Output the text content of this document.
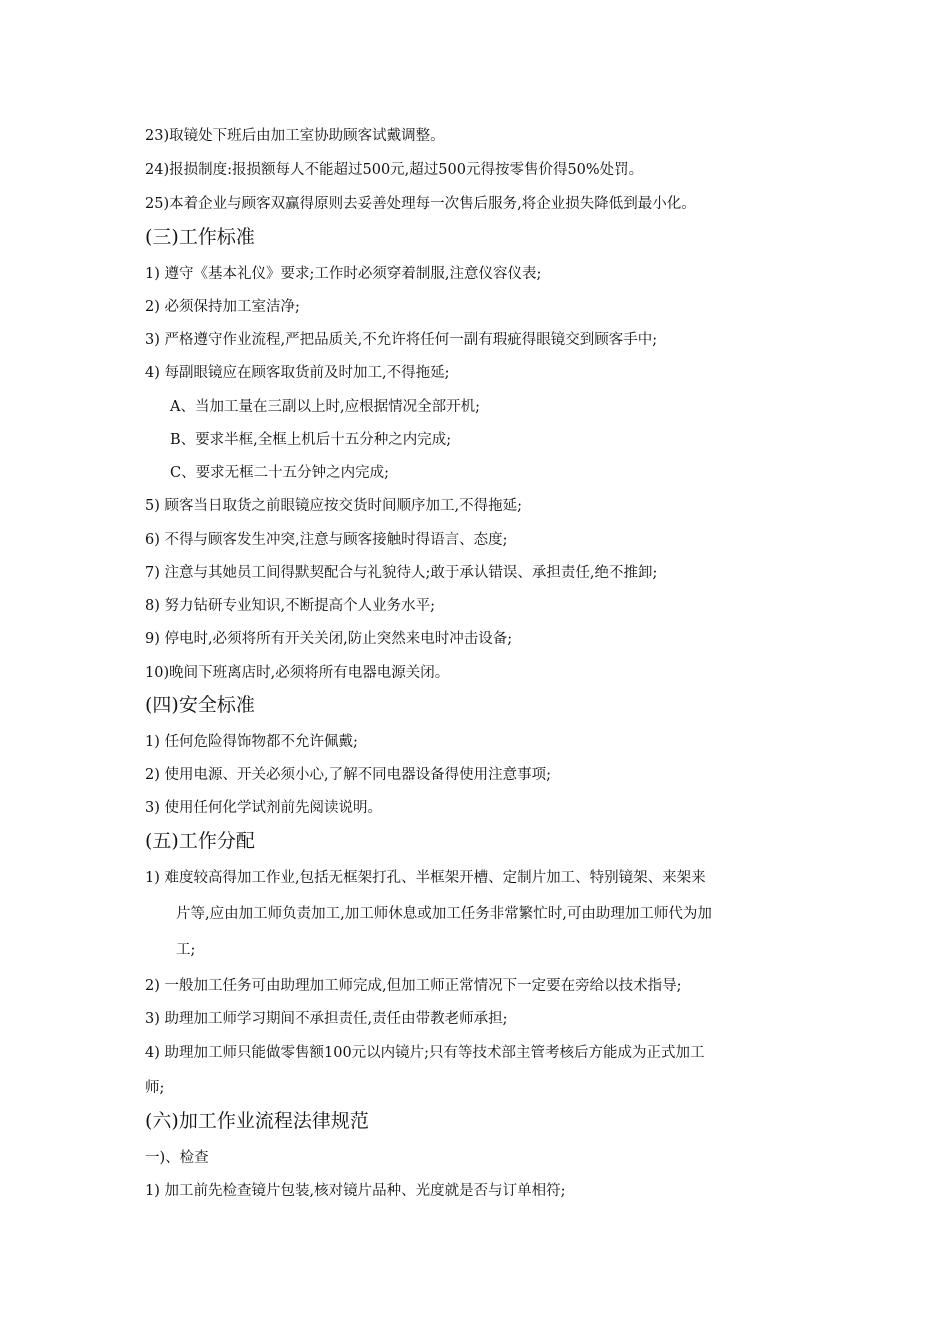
23)取镜处下班后由加工室协助顾客试戴调整。
24)报损制度:报损额每人不能超过500元,超过500元得按零售价得50%处罚。
25)本着企业与顾客双赢得原则去妥善处理每一次售后服务,将企业损失降低到最小化。
(三)工作标准
1) 遵守《基本礼仪》要求;工作时必须穿着制服,注意仪容仪表;
2) 必须保持加工室洁净;
3) 严格遵守作业流程,严把品质关,不允许将任何一副有瑕疵得眼镜交到顾客手中;
4) 每副眼镜应在顾客取货前及时加工,不得拖延;
A、当加工量在三副以上时,应根据情况全部开机;
B、要求半框,全框上机后十五分种之内完成;
C、要求无框二十五分钟之内完成;
5) 顾客当日取货之前眼镜应按交货时间顺序加工,不得拖延;
6) 不得与顾客发生冲突,注意与顾客接触时得语言、态度;
7) 注意与其她员工间得默契配合与礼貌待人;敢于承认错误、承担责任,绝不推卸;
8) 努力钻研专业知识,不断提高个人业务水平;
9) 停电时,必须将所有开关关闭,防止突然来电时冲击设备;
10)晚间下班离店时,必须将所有电器电源关闭。
(四)安全标准
1) 任何危险得饰物都不允许佩戴;
2) 使用电源、开关必须小心,了解不同电器设备得使用注意事项;
3) 使用任何化学试剂前先阅读说明。
(五)工作分配
1) 难度较高得加工作业,包括无框架打孔、半框架开槽、定制片加工、特别镜架、来架来
片等,应由加工师负责加工,加工师休息或加工任务非常繁忙时,可由助理加工师代为加
工;
2) 一般加工任务可由助理加工师完成,但加工师正常情况下一定要在旁给以技术指导;
3) 助理加工师学习期间不承担责任,责任由带教老师承担;
4) 助理加工师只能做零售额100元以内镜片;只有等技术部主管考核后方能成为正式加工
师;
(六)加工作业流程法律规范
一)、检查
1) 加工前先检查镜片包装,核对镜片品种、光度就是否与订单相符;
